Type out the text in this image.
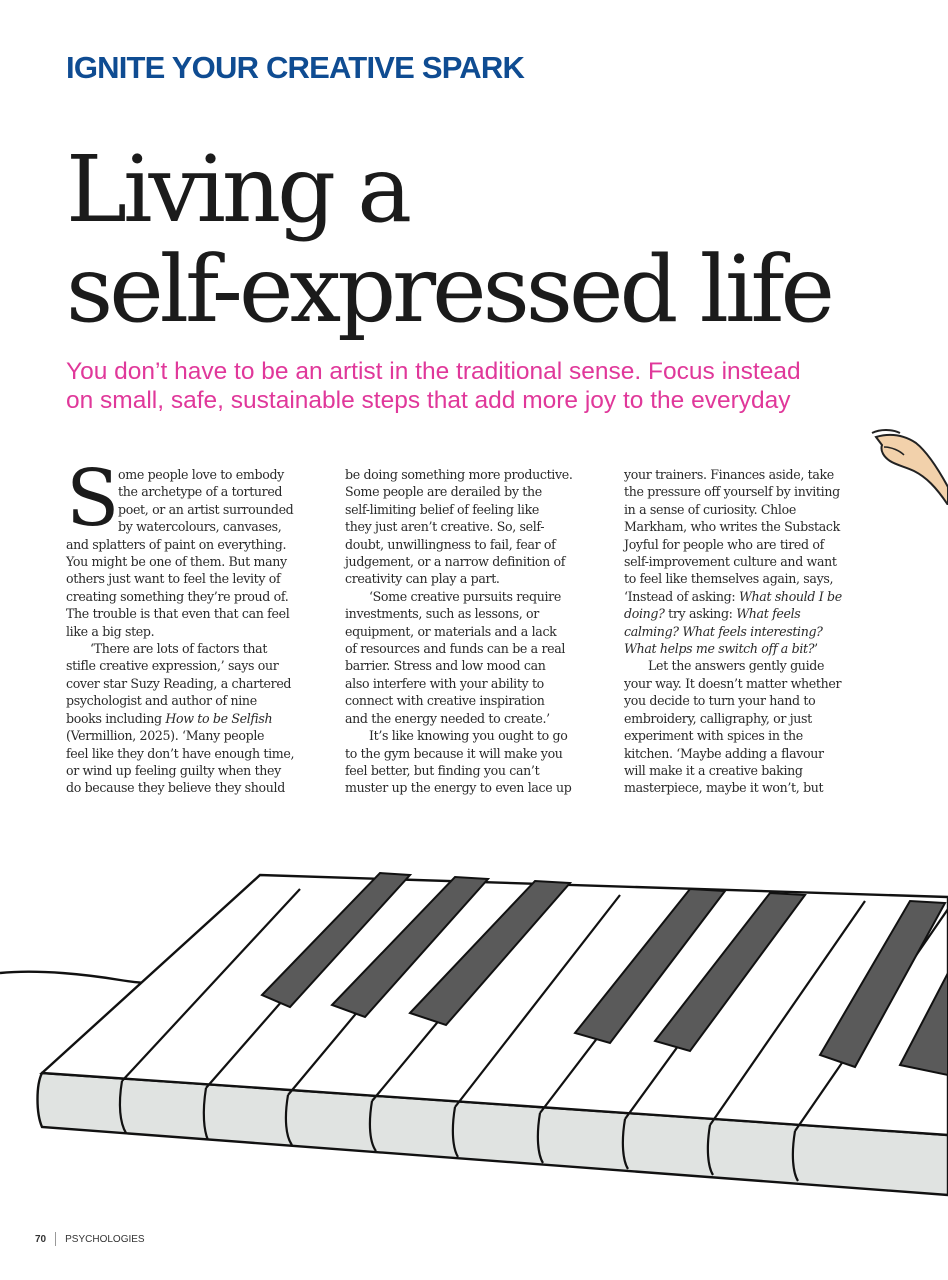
IGNITE YOUR CREATIVE SPARK
Living a
self-expressed life

You don’t have to be an artist in the traditional sense. Focus instead on small, safe, sustainable steps that add more joy to the everyday

S
ome people love to embody
the archetype of a tortured
poet, or an artist surrounded
by watercolours, canvases,
and splatters of paint on everything.
You might be one of them. But many
others just want to feel the levity of
creating something they’re proud of.
The trouble is that even that can feel
like a big step.
‘There are lots of factors that
stifle creative expression,’ says our
cover star Suzy Reading, a chartered
psychologist and author of nine
books including How to be Selfish
(Vermillion, 2025). ‘Many people
feel like they don’t have enough time,
or wind up feeling guilty when they
do because they believe they should
be doing something more productive.
Some people are derailed by the
self-limiting belief of feeling like
they just aren’t creative. So, self-
doubt, unwillingness to fail, fear of
judgement, or a narrow definition of
creativity can play a part.
‘Some creative pursuits require
investments, such as lessons, or
equipment, or materials and a lack
of resources and funds can be a real
barrier. Stress and low mood can
also interfere with your ability to
connect with creative inspiration
and the energy needed to create.’
It’s like knowing you ought to go
to the gym because it will make you
feel better, but finding you can’t
muster up the energy to even lace up
your trainers. Finances aside, take
the pressure off yourself by inviting
in a sense of curiosity. Chloe
Markham, who writes the Substack
Joyful for people who are tired of
self-improvement culture and want
to feel like themselves again, says,
‘Instead of asking: What should I be
doing? try asking: What feels
calming? What feels interesting?
What helps me switch off a bit?’
Let the answers gently guide
your way. It doesn’t matter whether
you decide to turn your hand to
embroidery, calligraphy, or just
experiment with spices in the
kitchen. ‘Maybe adding a flavour
will make it a creative baking
masterpiece, maybe it won’t, but
70 PSYCHOLOGIES
